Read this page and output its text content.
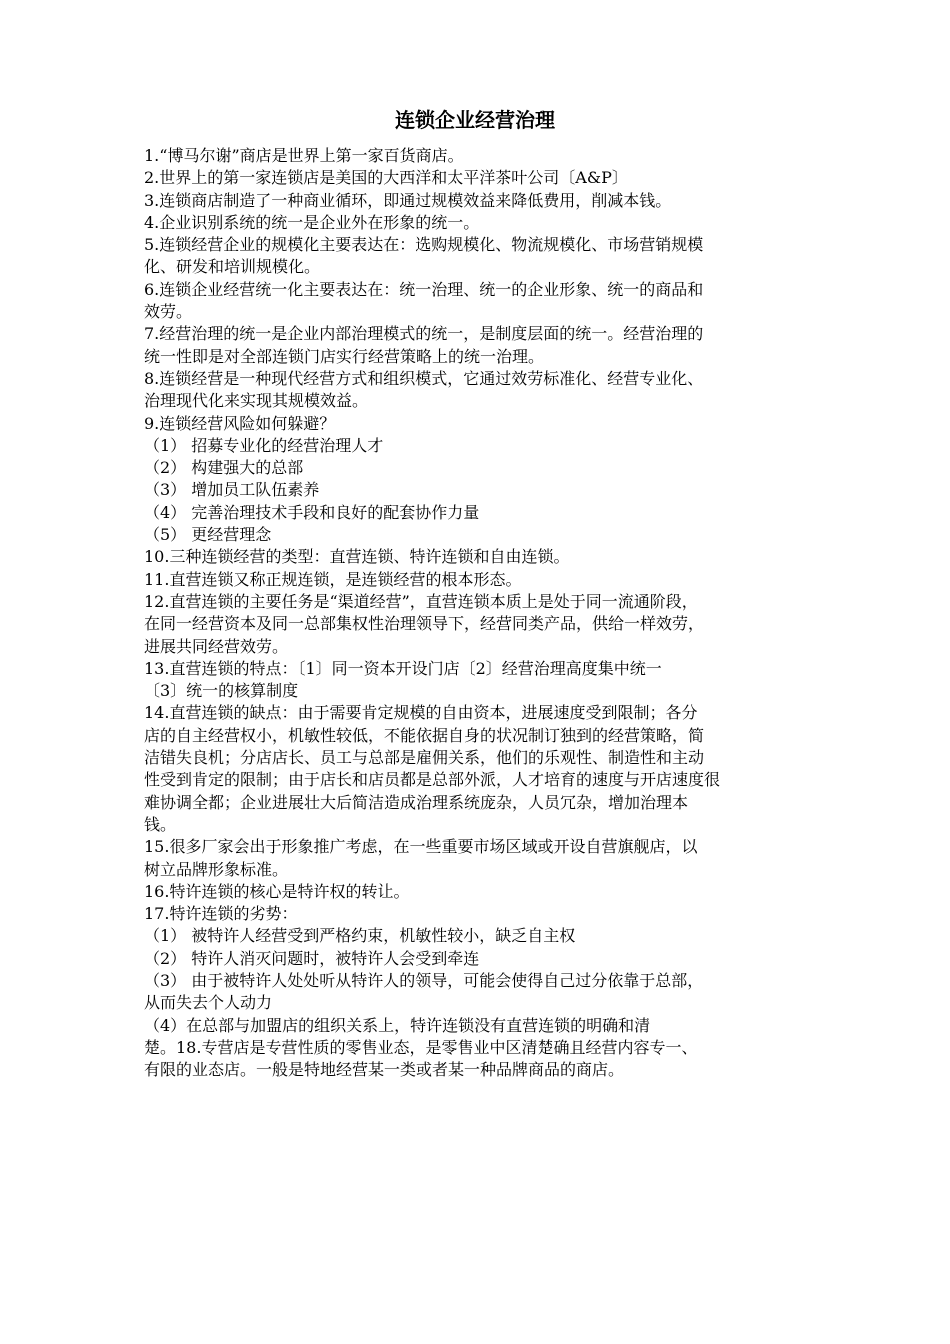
连锁企业经营治理
1.“博马尔谢”商店是世界上第一家百货商店。
2.世界上的第一家连锁店是美国的大西洋和太平洋茶叶公司〔A&P〕
3.连锁商店制造了一种商业循环，即通过规模效益来降低费用，削减本钱。
4.企业识别系统的统一是企业外在形象的统一。
5.连锁经营企业的规模化主要表达在：选购规模化、物流规模化、市场营销规模
化、研发和培训规模化。
6.连锁企业经营统一化主要表达在：统一治理、统一的企业形象、统一的商品和
效劳。
7.经营治理的统一是企业内部治理模式的统一，是制度层面的统一。经营治理的
统一性即是对全部连锁门店实行经营策略上的统一治理。
8.连锁经营是一种现代经营方式和组织模式，它通过效劳标准化、经营专业化、
治理现代化来实现其规模效益。
9.连锁经营风险如何躲避？
（1） 招募专业化的经营治理人才
（2） 构建强大的总部
（3） 增加员工队伍素养
（4） 完善治理技术手段和良好的配套协作力量
（5） 更经营理念
10.三种连锁经营的类型：直营连锁、特许连锁和自由连锁。
11.直营连锁又称正规连锁，是连锁经营的根本形态。
12.直营连锁的主要任务是“渠道经营”，直营连锁本质上是处于同一流通阶段，
在同一经营资本及同一总部集权性治理领导下，经营同类产品，供给一样效劳，
进展共同经营效劳。
13.直营连锁的特点：〔1〕同一资本开设门店〔2〕经营治理高度集中统一
〔3〕统一的核算制度
14.直营连锁的缺点：由于需要肯定规模的自由资本，进展速度受到限制；各分
店的自主经营权小，机敏性较低，不能依据自身的状况制订独到的经营策略，简
洁错失良机；分店店长、员工与总部是雇佣关系，他们的乐观性、制造性和主动
性受到肯定的限制；由于店长和店员都是总部外派，人才培育的速度与开店速度很
难协调全都；企业进展壮大后简洁造成治理系统庞杂，人员冗杂，增加治理本
钱。
15.很多厂家会出于形象推广考虑，在一些重要市场区域或开设自营旗舰店，以
树立品牌形象标准。
16.特许连锁的核心是特许权的转让。
17.特许连锁的劣势：
（1） 被特许人经营受到严格约束，机敏性较小，缺乏自主权
（2） 特许人消灭问题时，被特许人会受到牵连
（3） 由于被特许人处处听从特许人的领导，可能会使得自己过分依靠于总部，
从而失去个人动力
（4）在总部与加盟店的组织关系上，特许连锁没有直营连锁的明确和清
楚。18.专营店是专营性质的零售业态，是零售业中区清楚确且经营内容专一、
有限的业态店。一般是特地经营某一类或者某一种品牌商品的商店。
